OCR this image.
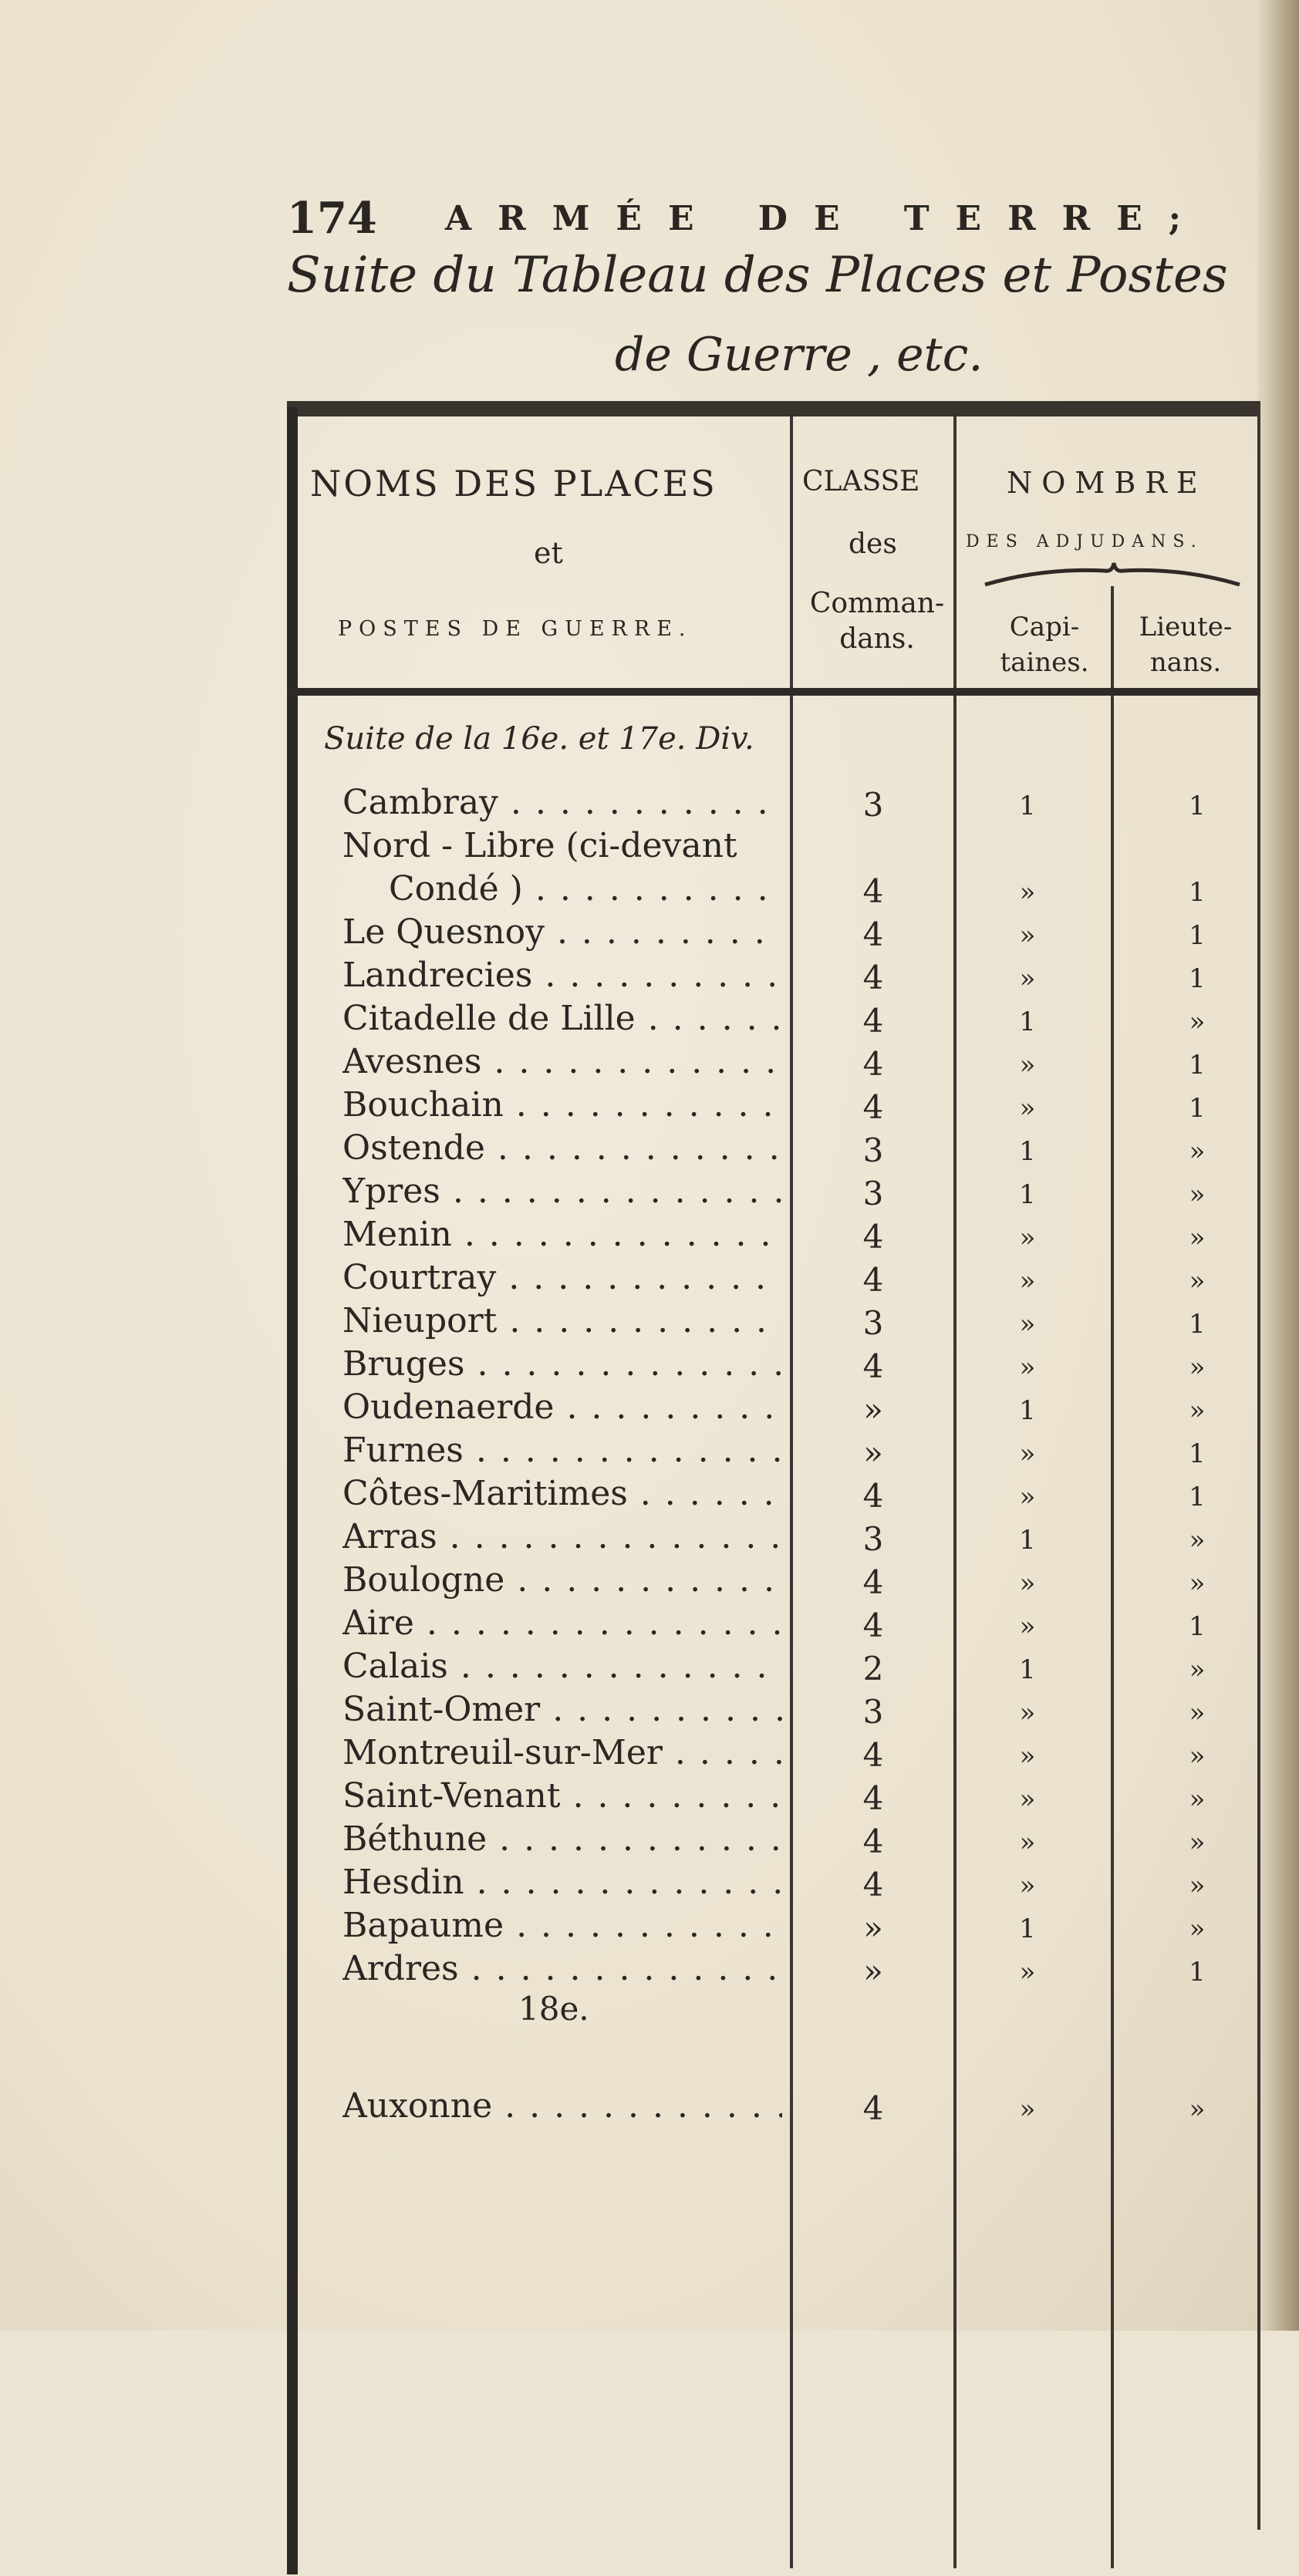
174 ARMÉE DE TERRE;
Suite du Tableau des Places et Postes
de Guerre , etc.
NOMS DES PLACES
et
POSTES DE GUERRE.
CLASSE
des
Comman-
dans.
NOMBRE
DES ADJUDANS.
Capi-
taines.
Lieute-
nans.
Suite de la 16e. et 17e. Div.
Cambray . . .	3	1	1
Nord - Libre (ci-devant
Condé ) . . .	4	»	1
Le Quesnoy . . .	4	»	1
Landrecies . . .	4	»	1
Citadelle de Lille . . .	4	1	»
Avesnes . . .	4	»	1
Bouchain . . .	4	»	1
Ostende . . .	3	1	»
Ypres . . .	3	1	»
Menin . . .	4	»	»
Courtray . . .	4	»	»
Nieuport . . .	3	»	1
Bruges . . .	4	»	»
Oudenaerde . . .	»	1	»
Furnes . . .	»	»	1
Côtes-Maritimes . . .	4	»	1
Arras . . .	3	1	»
Boulogne . . .	4	»	»
Aire . . .	4	»	1
Calais . . .	2	1	»
Saint-Omer . . .	3	»	»
Montreuil-sur-Mer . . .	4	»	»
Saint-Venant . . .	4	»	»
Béthune . . .	4	»	»
Hesdin . . .	4	»	»
Bapaume . . .	»	1	»
Ardres . . .	»	»	1
18e.
Auxonne . . .	4	»	»
